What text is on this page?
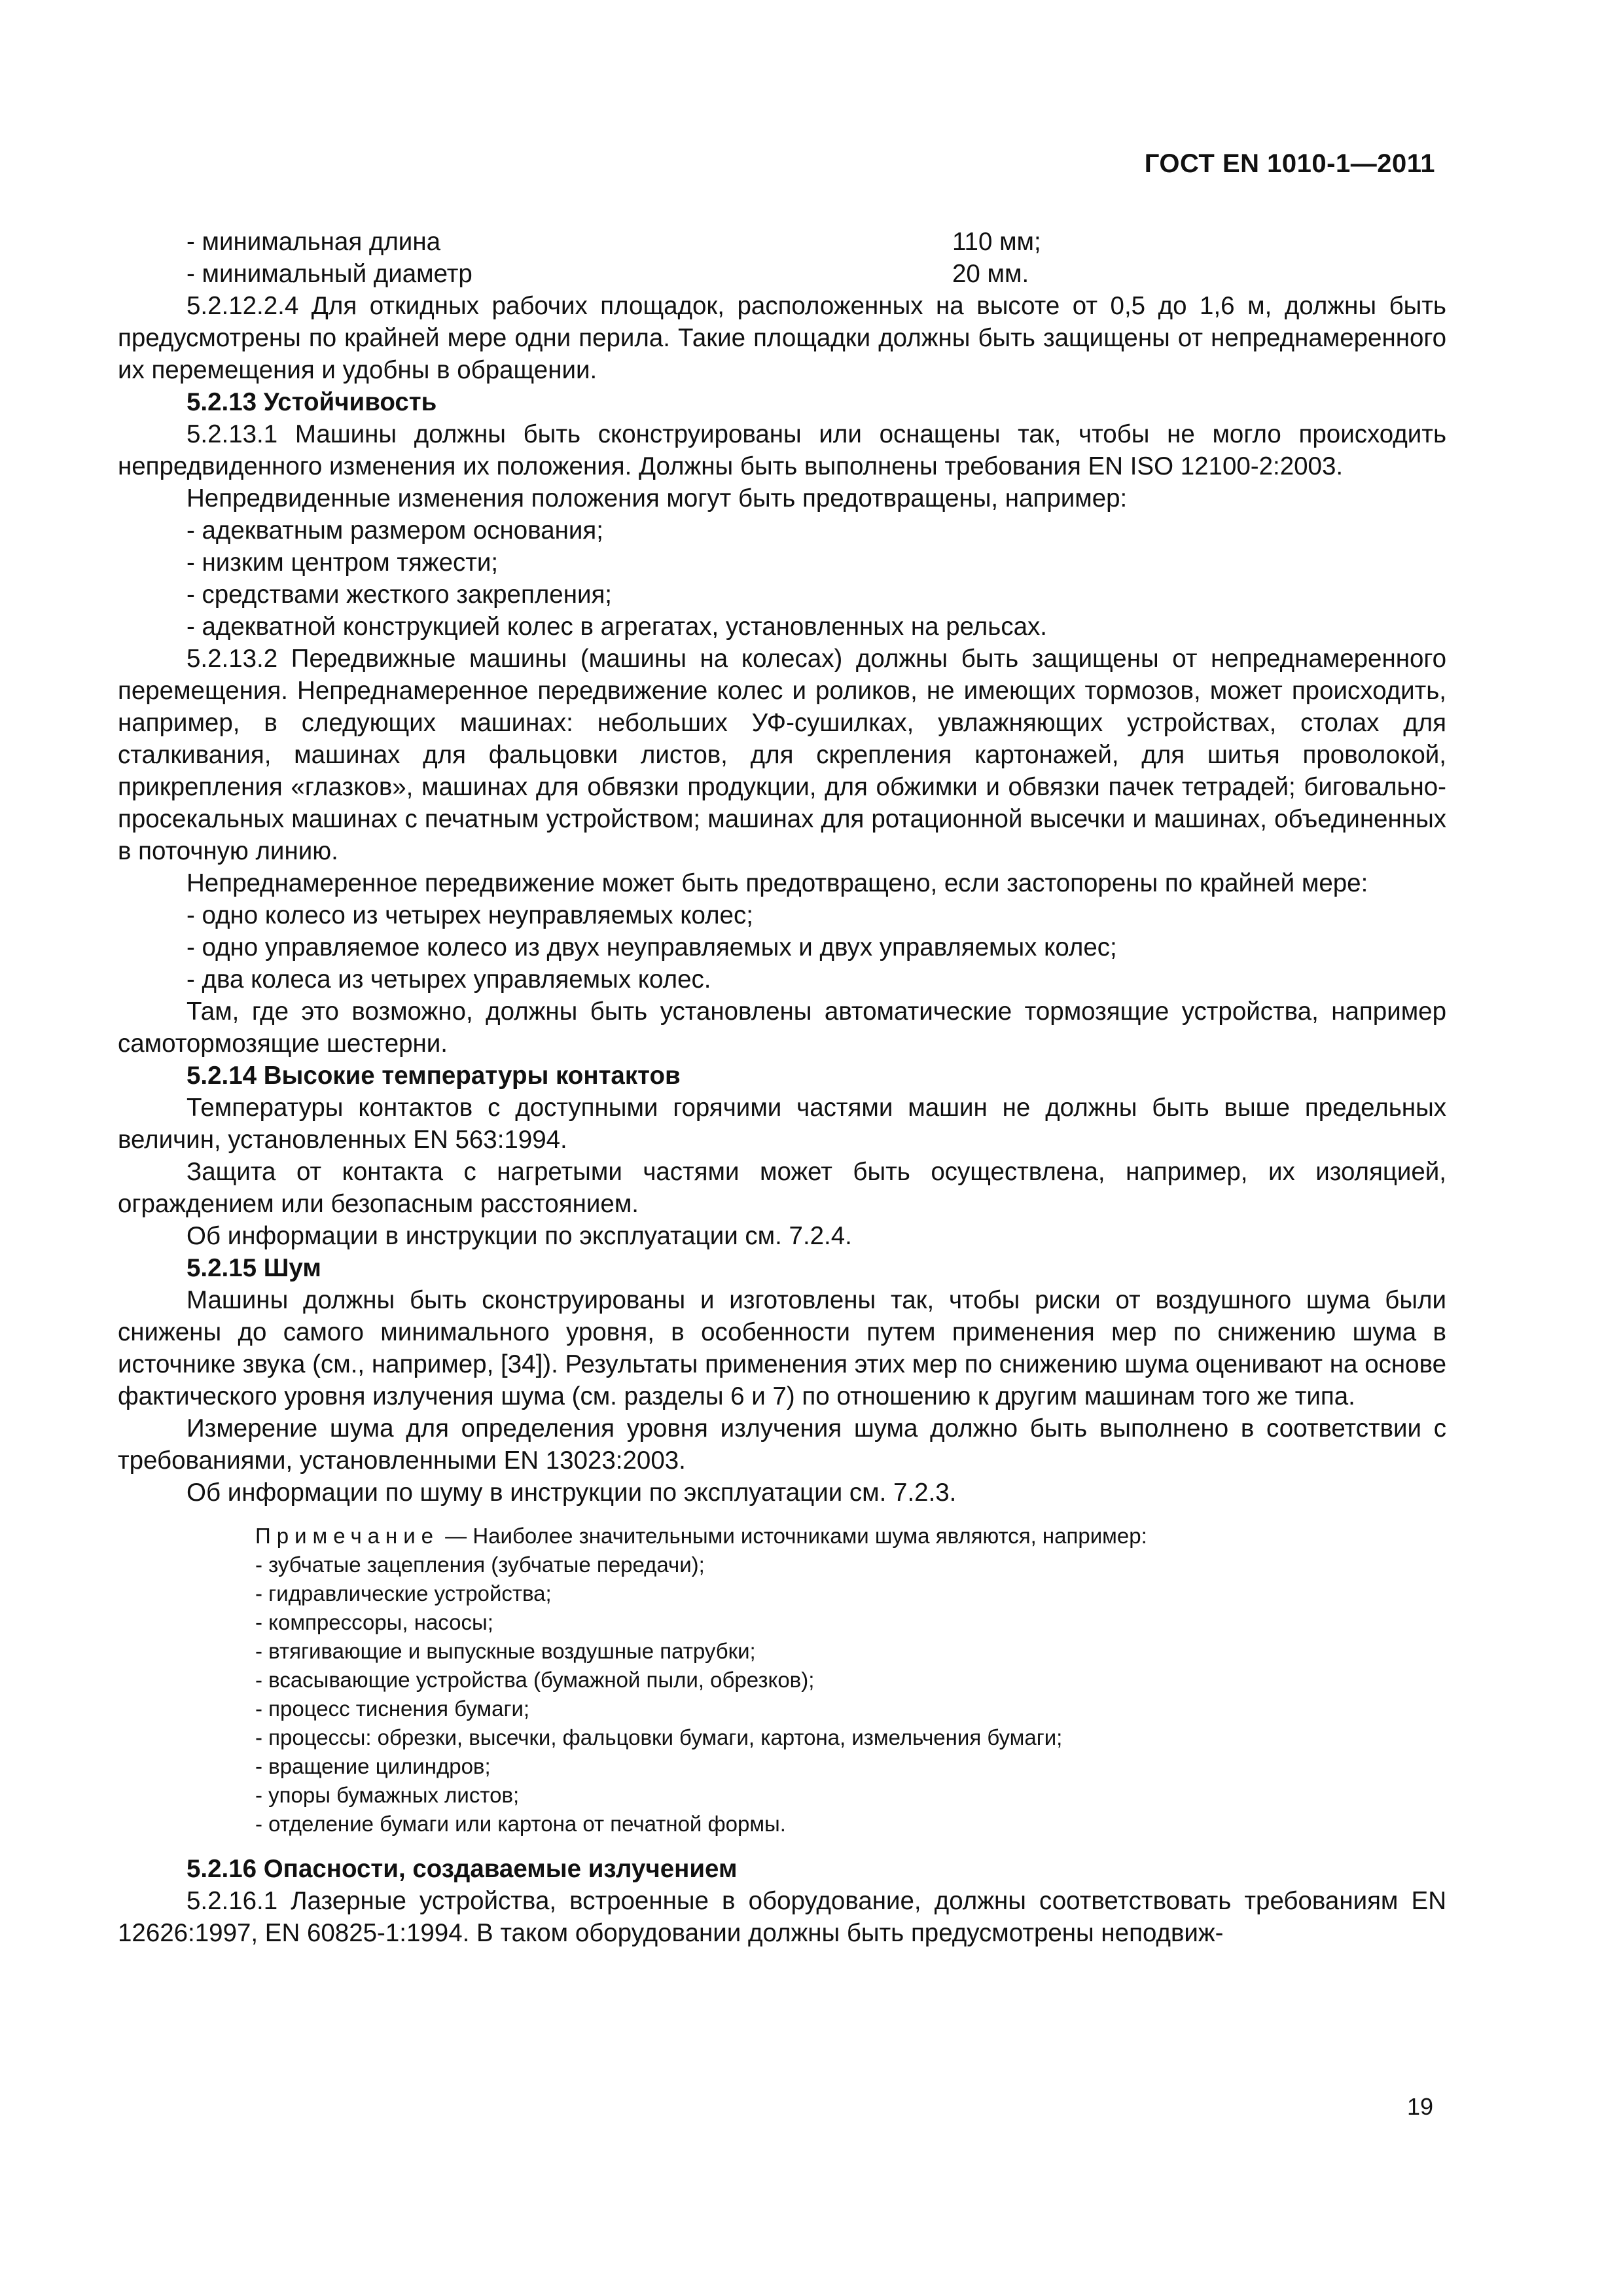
ГОСТ EN 1010-1—2011
- минимальная длина	110 мм;
- минимальный диаметр	20 мм.

5.2.12.2.4 Для откидных рабочих площадок, расположенных на высоте от 0,5 до 1,6 м, должны быть предусмотрены по крайней мере одни перила. Такие площадки должны быть защищены от непреднамеренного их перемещения и удобны в обращении.

5.2.13 Устойчивость

5.2.13.1 Машины должны быть сконструированы или оснащены так, чтобы не могло происходить непредвиденного изменения их положения. Должны быть выполнены требования EN ISO 12100-2:2003.

Непредвиденные изменения положения могут быть предотвращены, например:

- адекватным размером основания;

- низким центром тяжести;

- средствами жесткого закрепления;

- адекватной конструкцией колес в агрегатах, установленных на рельсах.

5.2.13.2 Передвижные машины (машины на колесах) должны быть защищены от непреднамеренного перемещения. Непреднамеренное передвижение колес и роликов, не имеющих тормозов, может происходить, например, в следующих машинах: небольших УФ-сушилках, увлажняющих устройствах, столах для сталкивания, машинах для фальцовки листов, для скрепления картонажей, для шитья проволокой, прикрепления «глазков», машинах для обвязки продукции, для обжимки и обвязки пачек тетрадей; биговально-просекальных машинах с печатным устройством; машинах для ротационной высечки и машинах, объединенных в поточную линию.

Непреднамеренное передвижение может быть предотвращено, если застопорены по крайней мере:

- одно колесо из четырех неуправляемых колес;

- одно управляемое колесо из двух неуправляемых и двух управляемых колес;

- два колеса из четырех управляемых колес.

Там, где это возможно, должны быть установлены автоматические тормозящие устройства, например самотормозящие шестерни.

5.2.14 Высокие температуры контактов

Температуры контактов с доступными горячими частями машин не должны быть выше предельных величин, установленных EN 563:1994.

Защита от контакта с нагретыми частями может быть осуществлена, например, их изоляцией, ограждением или безопасным расстоянием.

Об информации в инструкции по эксплуатации см. 7.2.4.

5.2.15 Шум

Машины должны быть сконструированы и изготовлены так, чтобы риски от воздушного шума были снижены до самого минимального уровня, в особенности путем применения мер по снижению шума в источнике звука (см., например, [34]). Результаты применения этих мер по снижению шума оценивают на основе фактического уровня излучения шума (см. разделы 6 и 7) по отношению к другим машинам того же типа.

Измерение шума для определения уровня излучения шума должно быть выполнено в соответствии с требованиями, установленными EN 13023:2003.

Об информации по шуму в инструкции по эксплуатации см. 7.2.3.

Примечание — Наиболее значительными источниками шума являются, например:

- зубчатые зацепления (зубчатые передачи);

- гидравлические устройства;

- компрессоры, насосы;

- втягивающие и выпускные воздушные патрубки;

- всасывающие устройства (бумажной пыли, обрезков);

- процесс тиснения бумаги;

- процессы: обрезки, высечки, фальцовки бумаги, картона, измельчения бумаги;

- вращение цилиндров;

- упоры бумажных листов;

- отделение бумаги или картона от печатной формы.

5.2.16 Опасности, создаваемые излучением

5.2.16.1 Лазерные устройства, встроенные в оборудование, должны соответствовать требованиям EN 12626:1997, EN 60825-1:1994. В таком оборудовании должны быть предусмотрены неподвиж-

19
